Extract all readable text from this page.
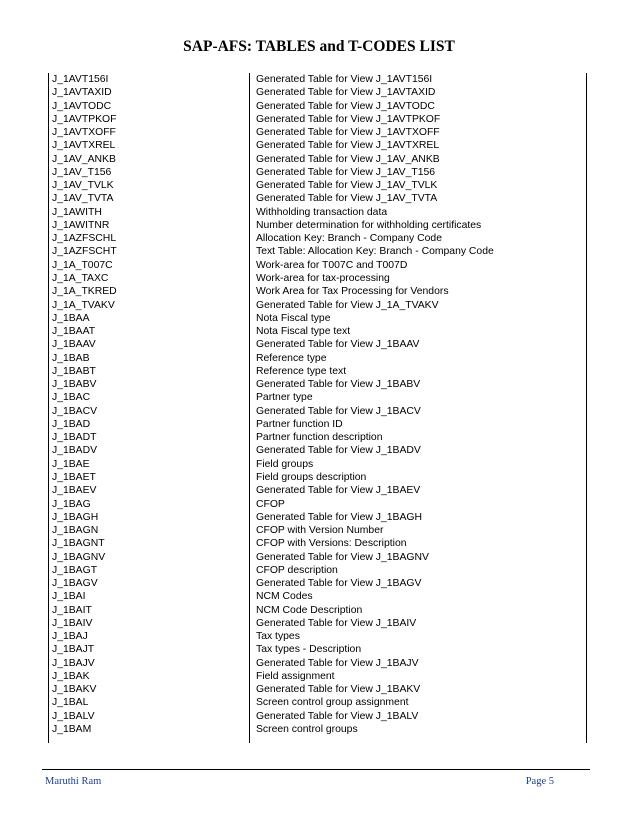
SAP-AFS: TABLES and T-CODES LIST
J_1AVT156I	Generated Table for View J_1AVT156I
J_1AVTAXID	Generated Table for View J_1AVTAXID
J_1AVTODC	Generated Table for View J_1AVTODC
J_1AVTPKOF	Generated Table for View J_1AVTPKOF
J_1AVTXOFF	Generated Table for View J_1AVTXOFF
J_1AVTXREL	Generated Table for View J_1AVTXREL
J_1AV_ANKB	Generated Table for View J_1AV_ANKB
J_1AV_T156	Generated Table for View J_1AV_T156
J_1AV_TVLK	Generated Table for View J_1AV_TVLK
J_1AV_TVTA	Generated Table for View J_1AV_TVTA
J_1AWITH	Withholding transaction data
J_1AWITNR	Number determination for withholding certificates
J_1AZFSCHL	Allocation Key: Branch - Company Code
J_1AZFSCHT	Text Table: Allocation Key: Branch - Company Code
J_1A_T007C	Work-area for T007C and T007D
J_1A_TAXC	Work-area for tax-processing
J_1A_TKRED	Work Area for Tax Processing for Vendors
J_1A_TVAKV	Generated Table for View J_1A_TVAKV
J_1BAA	Nota Fiscal type
J_1BAAT	Nota Fiscal type text
J_1BAAV	Generated Table for View J_1BAAV
J_1BAB	Reference type
J_1BABT	Reference type text
J_1BABV	Generated Table for View J_1BABV
J_1BAC	Partner type
J_1BACV	Generated Table for View J_1BACV
J_1BAD	Partner function ID
J_1BADT	Partner function description
J_1BADV	Generated Table for View J_1BADV
J_1BAE	Field groups
J_1BAET	Field groups description
J_1BAEV	Generated Table for View J_1BAEV
J_1BAG	CFOP
J_1BAGH	Generated Table for View J_1BAGH
J_1BAGN	CFOP with Version Number
J_1BAGNT	CFOP with Versions: Description
J_1BAGNV	Generated Table for View J_1BAGNV
J_1BAGT	CFOP description
J_1BAGV	Generated Table for View J_1BAGV
J_1BAI	NCM Codes
J_1BAIT	NCM Code Description
J_1BAIV	Generated Table for View J_1BAIV
J_1BAJ	Tax types
J_1BAJT	Tax types - Description
J_1BAJV	Generated Table for View J_1BAJV
J_1BAK	Field assignment
J_1BAKV	Generated Table for View J_1BAKV
J_1BAL	Screen control group assignment
J_1BALV	Generated Table for View J_1BALV
J_1BAM	Screen control groups
Maruthi Ram	Page 5
